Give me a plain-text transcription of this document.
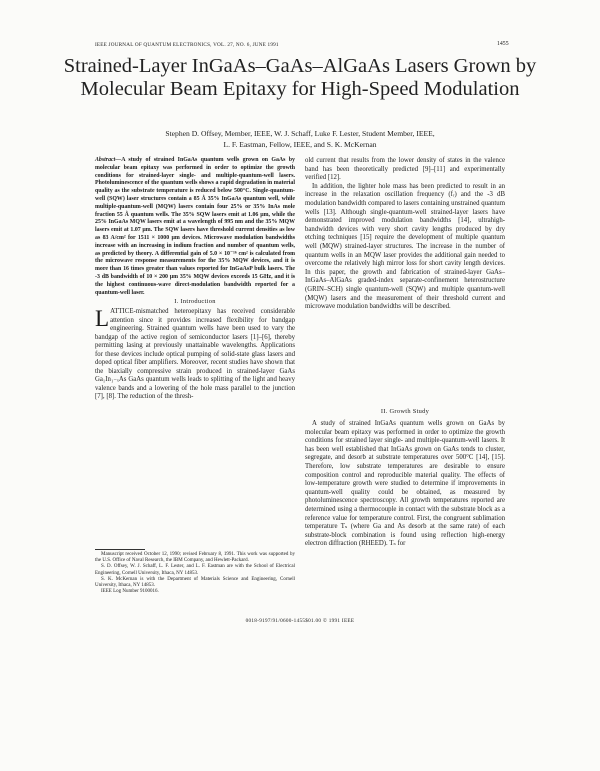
IEEE JOURNAL OF QUANTUM ELECTRONICS, VOL. 27, NO. 6, JUNE 1991	1455
Strained-Layer InGaAs–GaAs–AlGaAs Lasers Grown by Molecular Beam Epitaxy for High-Speed Modulation
Stephen D. Offsey, Member, IEEE, W. J. Schaff, Luke F. Lester, Student Member, IEEE,
L. F. Eastman, Fellow, IEEE, and S. K. McKernan
Abstract—A study of strained InGaAs quantum wells grown on GaAs by molecular beam epitaxy was performed in order to optimize the growth conditions for strained-layer single- and multiple-quantum-well lasers. Photoluminescence of the quantum wells shows a rapid degradation in material quality as the substrate temperature is reduced below 500°C. Single-quantum-well (SQW) laser structures contain a 85 Å 35% InGaAs quantum well, while multiple-quantum-well (MQW) lasers contain four 25% or 35% InAs mole fraction 55 Å quantum wells. The 35% SQW lasers emit at 1.06 µm, while the 25% InGaAs MQW lasers emit at a wavelength of 995 nm and the 35% MQW lasers emit at 1.07 µm. The SQW lasers have threshold current densities as low as 83 A/cm² for 1511 × 1000 µm devices. Microwave modulation bandwidths increase with an increasing in indium fraction and number of quantum wells, as predicted by theory. A differential gain of 5.0 × 10⁻¹⁶ cm² is calculated from the microwave response measurements for the 35% MQW devices, and it is more than 16 times greater than values reported for InGaAsP bulk lasers. The -3 dB bandwidth of 10 × 200 µm 35% MQW devices exceeds 15 GHz, and it is the highest continuous-wave direct-modulation bandwidth reported for a quantum-well laser.
I. Introduction
LATTICE-mismatched heteroepitaxy has received considerable attention since it provides increased flexibility for bandgap engineering. Strained quantum wells have been used to vary the bandgap of the active region of semiconductor lasers [1]–[6], thereby permitting lasing at previously unattainable wavelengths. Applications for these devices include optical pumping of solid-state glass lasers and doped optical fiber amplifiers. Moreover, recent studies have shown that the biaxially compressive strain produced in strained-layer GaAs Ga₁In₁₋ₓAs GaAs quantum wells leads to splitting of the light and heavy valence bands and a lowering of the hole mass parallel to the junction [7], [8]. The reduction of the thresh-

Manuscript received October 12, 1990; revised February 8, 1991. This work was supported by the U.S. Office of Naval Research, the IBM Company, and Hewlett-Packard.

S. D. Offsey, W. J. Schaff, L. F. Lester, and L. F. Eastman are with the School of Electrical Engineering, Cornell University, Ithaca, NY 14853.

S. K. McKernan is with the Department of Materials Science and Engineering, Cornell University, Ithaca, NY 14853.

IEEE Log Number 9100016.

old current that results from the lower density of states in the valence band has been theoretically predicted [9]–[11] and experimentally verified [12].

In addition, the lighter hole mass has been predicted to result in an increase in the relaxation oscillation frequency (fᵣ) and the -3 dB modulation bandwidth compared to lasers containing unstrained quantum wells [13]. Although single-quantum-well strained-layer lasers have demonstrated improved modulation bandwidths [14], ultrahigh-bandwidth devices with very short cavity lengths produced by dry etching techniques [15] require the development of multiple quantum well (MQW) strained-layer structures. The increase in the number of quantum wells in an MQW laser provides the additional gain needed to overcome the relatively high mirror loss for short cavity length devices. In this paper, the growth and fabrication of strained-layer GaAs–InGaAs–AlGaAs graded-index separate-confinement heterostructure (GRIN–SCH) single quantum-well (SQW) and multiple quantum-well (MQW) lasers and the measurement of their threshold current and microwave modulation bandwidths will be described.

II. Growth Study
A study of strained InGaAs quantum wells grown on GaAs by molecular beam epitaxy was performed in order to optimize the growth conditions for strained layer single- and multiple-quantum-well lasers. It has been well established that InGaAs grown on GaAs tends to cluster, segregate, and desorb at substrate temperatures over 500°C [14], [15]. Therefore, low substrate temperatures are desirable to ensure composition control and reproducible material quality. The effects of low-temperature growth were studied to determine if improvements in quantum-well quality could be obtained, as measured by photoluminescence spectroscopy. All growth temperatures reported are determined using a thermocouple in contact with the substrate block as a reference value for temperature control. First, the congruent sublimation temperature Tₛ (where Ga and As desorb at the same rate) of each substrate-block combination is found using reflection high-energy electron diffraction (RHEED). Tₛ for
0018-9197/91/0600-1455$01.00 © 1991 IEEE
